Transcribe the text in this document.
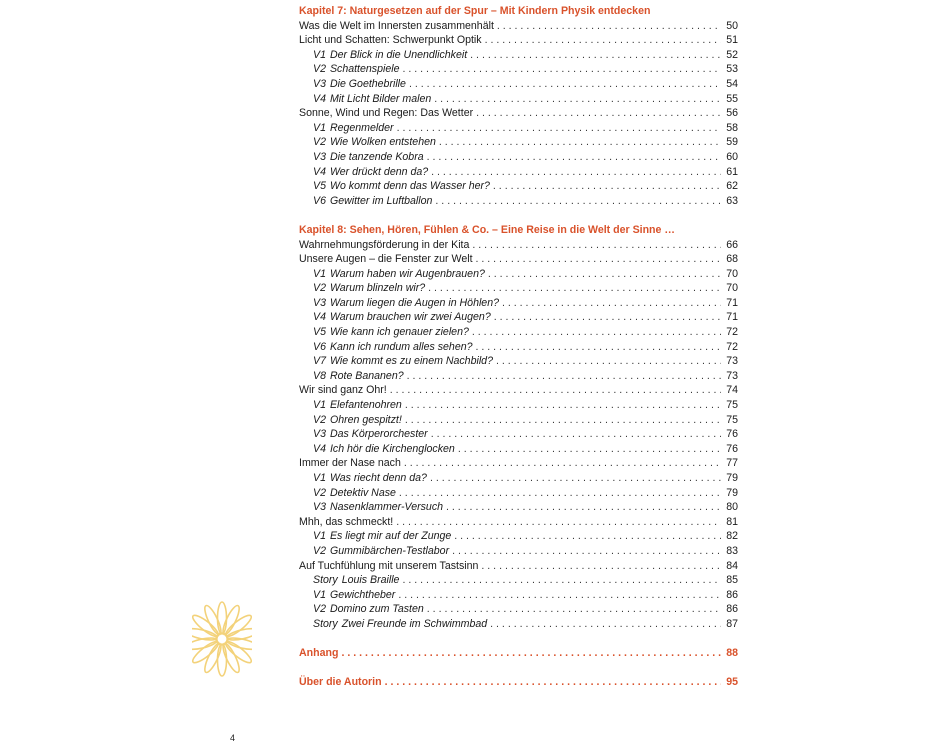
Kapitel 7: Naturgesetzen auf der Spur – Mit Kindern Physik entdecken
Was die Welt im Innersten zusammenhält . . .	50
Licht und Schatten: Schwerpunkt Optik . . .	51
V1 Der Blick in die Unendlichkeit . . .	52
V2 Schattenspiele . . .	53
V3 Die Goethebrille . . .	54
V4 Mit Licht Bilder malen . . .	55
Sonne, Wind und Regen: Das Wetter . . .	56
V1 Regenmelder . . .	58
V2 Wie Wolken entstehen . . .	59
V3 Die tanzende Kobra . . .	60
V4 Wer drückt denn da? . . .	61
V5 Wo kommt denn das Wasser her? . . .	62
V6 Gewitter im Luftballon . . .	63
Kapitel 8: Sehen, Hören, Fühlen & Co. – Eine Reise in die Welt der Sinne …
Wahrnehmungsförderung in der Kita . . .	66
Unsere Augen – die Fenster zur Welt . . .	68
V1 Warum haben wir Augenbrauen? . . .	70
V2 Warum blinzeln wir? . . .	70
V3 Warum liegen die Augen in Höhlen? . . .	71
V4 Warum brauchen wir zwei Augen? . . .	71
V5 Wie kann ich genauer zielen? . . .	72
V6 Kann ich rundum alles sehen? . . .	72
V7 Wie kommt es zu einem Nachbild? . . .	73
V8 Rote Bananen? . . .	73
Wir sind ganz Ohr! . . .	74
V1 Elefantenohren . . .	75
V2 Ohren gespitzt! . . .	75
V3 Das Körperorchester . . .	76
V4 Ich hör die Kirchenglocken . . .	76
Immer der Nase nach . . .	77
V1 Was riecht denn da? . . .	79
V2 Detektiv Nase . . .	79
V3 Nasenklammer-Versuch . . .	80
Mhh, das schmeckt! . . .	81
V1 Es liegt mir auf der Zunge . . .	82
V2 Gummibärchen-Testlabor . . .	83
Auf Tuchfühlung mit unserem Tastsinn . . .	84
Story Louis Braille . . .	85
V1 Gewichtheber . . .	86
V2 Domino zum Tasten . . .	86
Story Zwei Freunde im Schwimmbad . . .	87
Anhang . . .	88
Über die Autorin . . .	95
4
